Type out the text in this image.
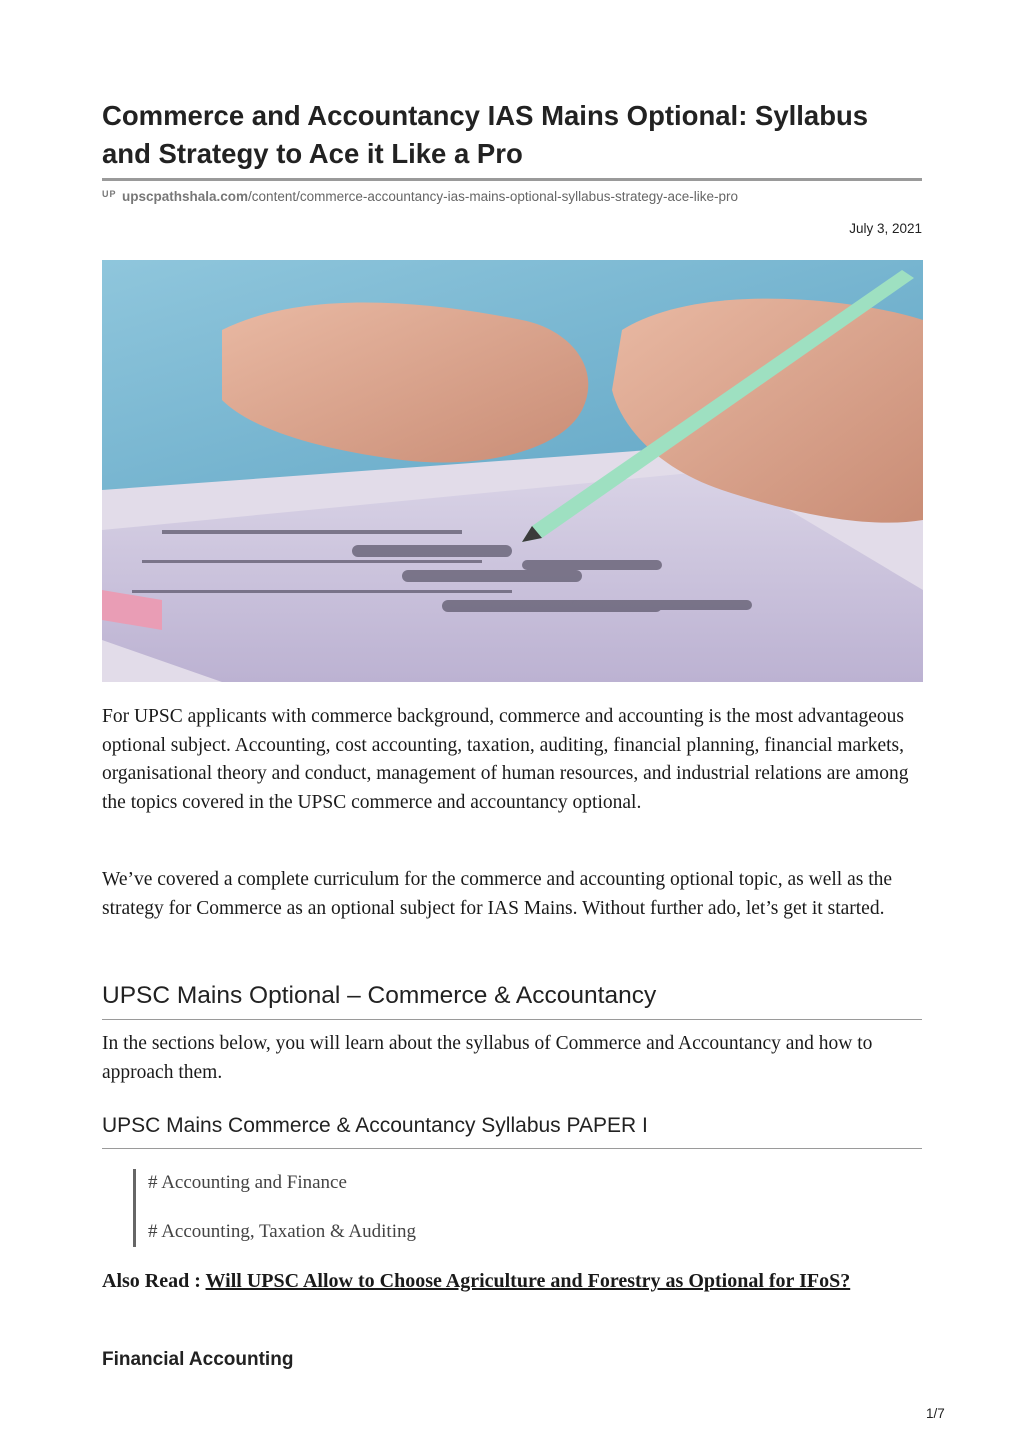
Commerce and Accountancy IAS Mains Optional: Syllabus and Strategy to Ace it Like a Pro
UP upscpathshala.com/content/commerce-accountancy-ias-mains-optional-syllabus-strategy-ace-like-pro
July 3, 2021

For UPSC applicants with commerce background, commerce and accounting is the most advantageous optional subject. Accounting, cost accounting, taxation, auditing, financial planning, financial markets, organisational theory and conduct, management of human resources, and industrial relations are among the topics covered in the UPSC commerce and accountancy optional.

We’ve covered a complete curriculum for the commerce and accounting optional topic, as well as the strategy for Commerce as an optional subject for IAS Mains. Without further ado, let’s get it started.

UPSC Mains Optional – Commerce & Accountancy

In the sections below, you will learn about the syllabus of Commerce and Accountancy and how to approach them.

UPSC Mains Commerce & Accountancy Syllabus PAPER I
# Accounting and Finance
# Accounting, Taxation & Auditing
Also Read : Will UPSC Allow to Choose Agriculture and Forestry as Optional for IFoS?
Financial Accounting
1/7
